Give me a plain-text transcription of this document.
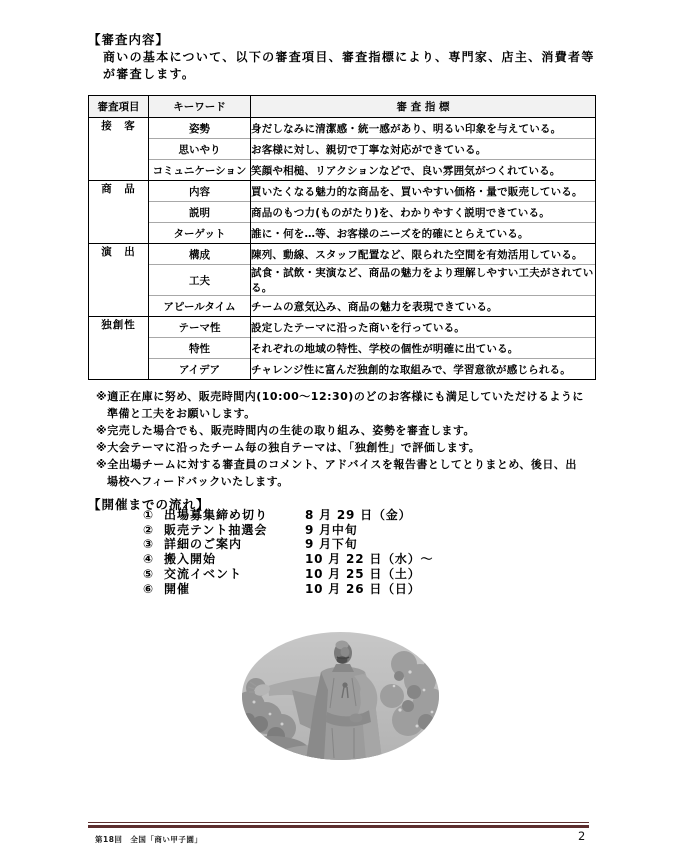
【審査内容】
商いの基本について、以下の審査項目、審査指標により、専門家、店主、消費者等
が審査します。
審査項目	キーワード	審 査 指 標
接　客	姿勢	身だしなみに清潔感・統一感があり、明るい印象を与えている。
	思いやり	お客様に対し、親切で丁寧な対応ができている。
	コミュニケーション	笑顔や相槌、リアクションなどで、良い雰囲気がつくれている。
商　品	内容	買いたくなる魅力的な商品を、買いやすい価格・量で販売している。
	説明	商品のもつ力(ものがたり)を、わかりやすく説明できている。
	ターゲット	誰に・何を…等、お客様のニーズを的確にとらえている。
演　出	構成	陳列、動線、スタッフ配置など、限られた空間を有効活用している。
	工夫	試食・試飲・実演など、商品の魅力をより理解しやすい工夫がされている。
	アピールタイム	チームの意気込み、商品の魅力を表現できている。
独創性	テーマ性	設定したテーマに沿った商いを行っている。
	特性	それぞれの地域の特性、学校の個性が明確に出ている。
	アイデア	チャレンジ性に富んだ独創的な取組みで、学習意欲が感じられる。
※適正在庫に努め、販売時間内(10:00～12:30)のどのお客様にも満足していただけるように
準備と工夫をお願いします。
※完売した場合でも、販売時間内の生徒の取り組み、姿勢を審査します。
※大会テーマに沿ったチーム毎の独自テーマは、「独創性」で評価します。
※全出場チームに対する審査員のコメント、アドバイスを報告書としてとりまとめ、後日、出
場校へフィードバックいたします。
【開催までの流れ】
① 出場募集締め切り	8 月 29 日（金）
② 販売テント抽選会	9 月中旬
③ 詳細のご案内	9 月下旬
④ 搬入開始	10 月 22 日（水）～
⑤ 交流イベント	10 月 25 日（土）
⑥ 開催	10 月 26 日（日）
第18回　全国「商い甲子園」	2
